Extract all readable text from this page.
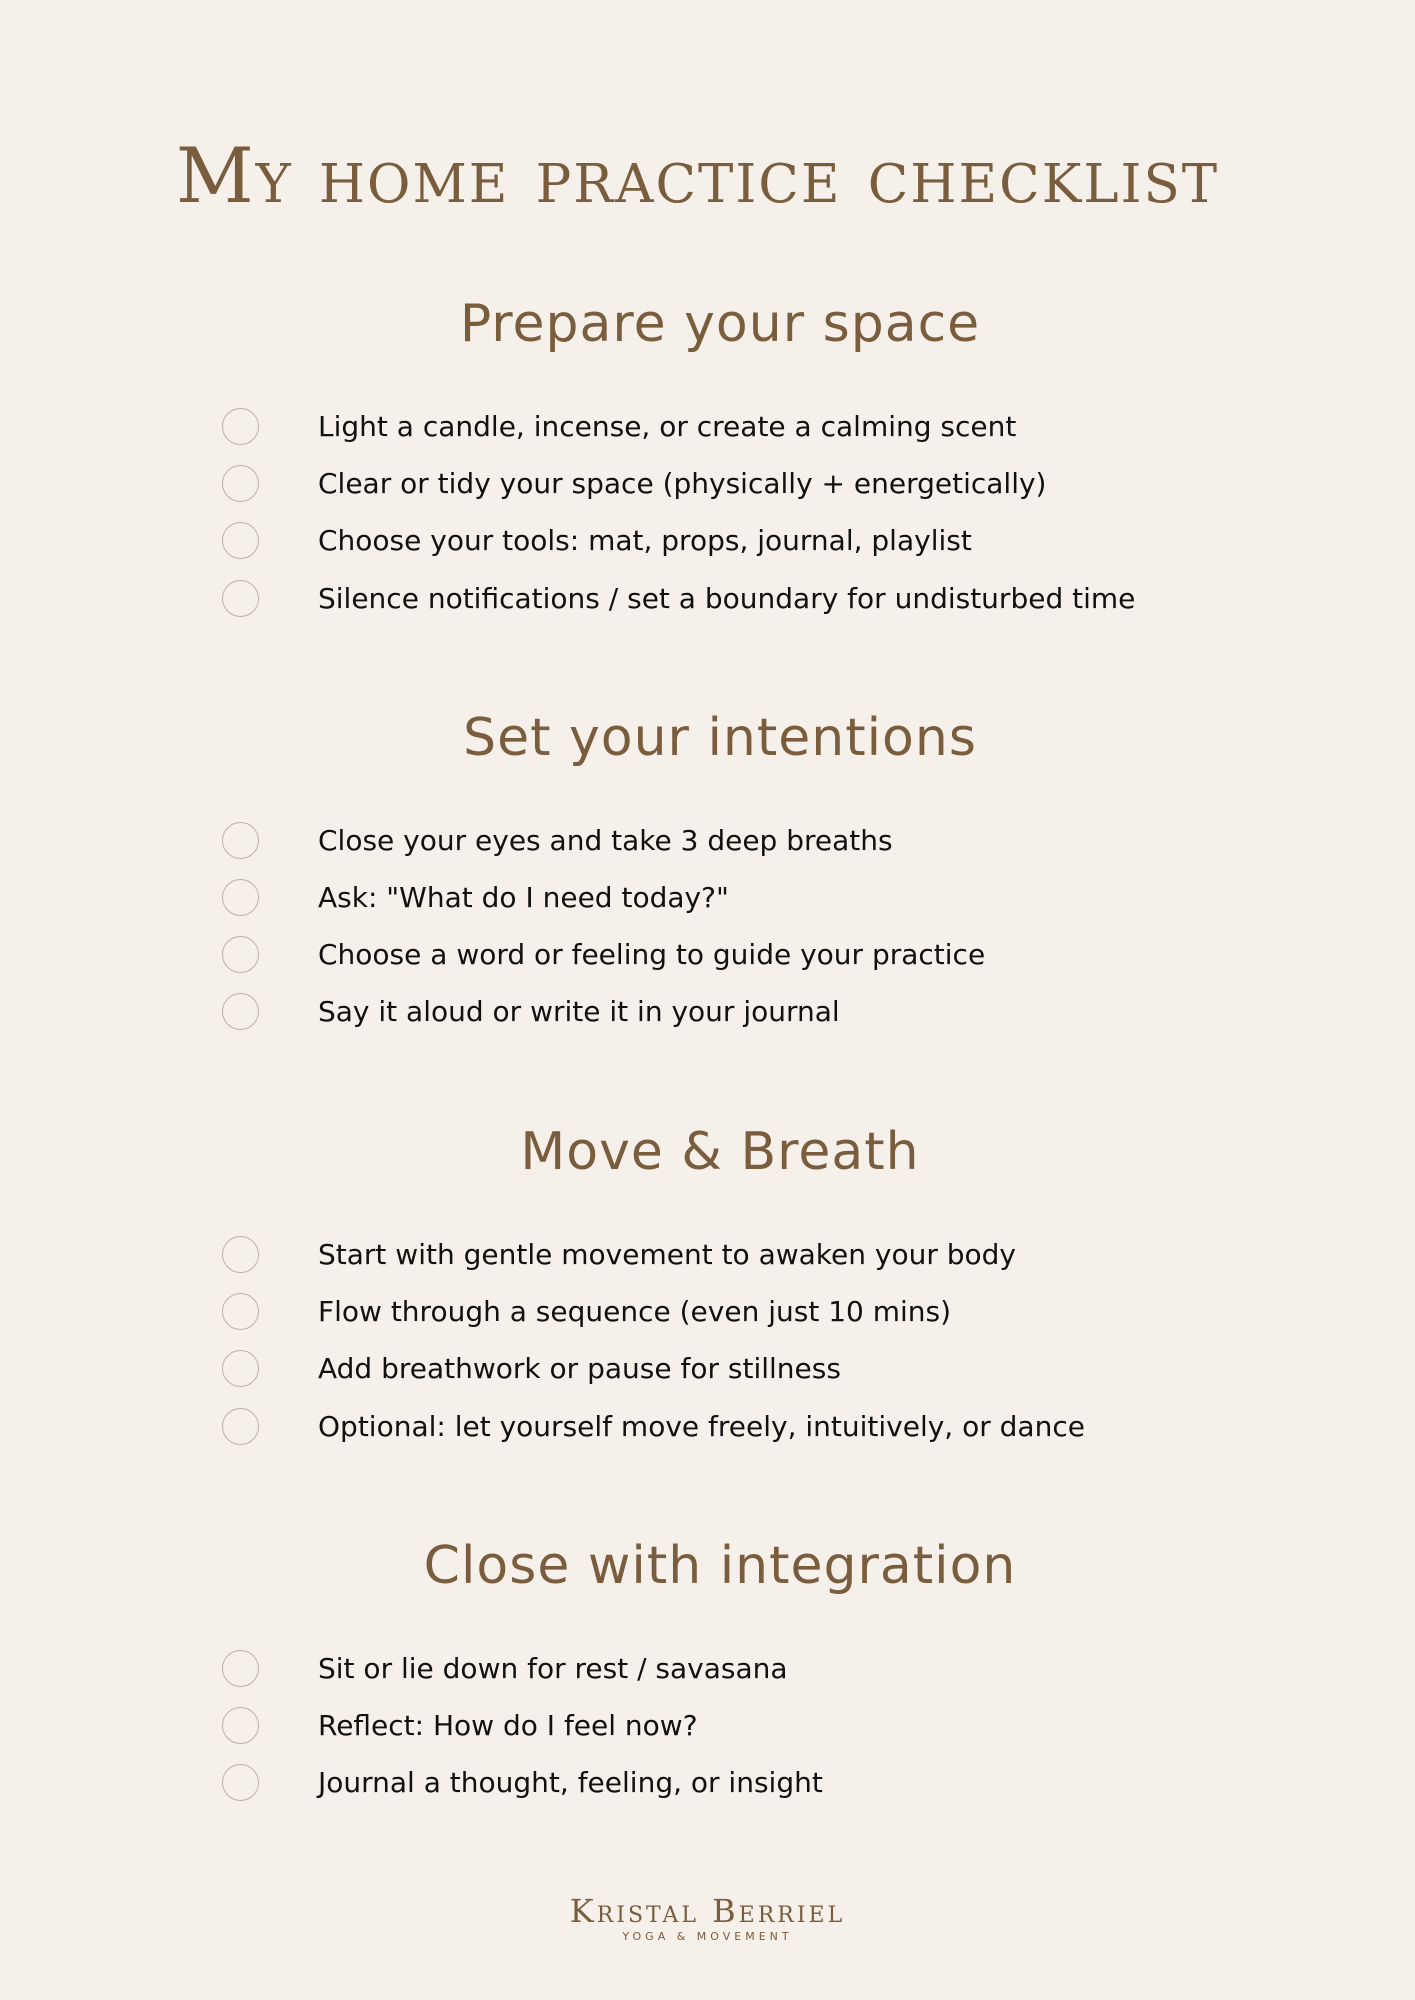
My home practice checklist
Prepare your space
Light a candle, incense, or create a calming scent
Clear or tidy your space (physically + energetically)
Choose your tools: mat, props, journal, playlist
Silence notifications / set a boundary for undisturbed time
Set your intentions
Close your eyes and take 3 deep breaths
Ask: "What do I need today?"
Choose a word or feeling to guide your practice
Say it aloud or write it in your journal
Move & Breath
Start with gentle movement to awaken your body
Flow through a sequence (even just 10 mins)
Add breathwork or pause for stillness
Optional: let yourself move freely, intuitively, or dance
Close with integration
Sit or lie down for rest / savasana
Reflect: How do I feel now?
Journal a thought, feeling, or insight
Kristal Berriel
YOGA & MOVEMENT
